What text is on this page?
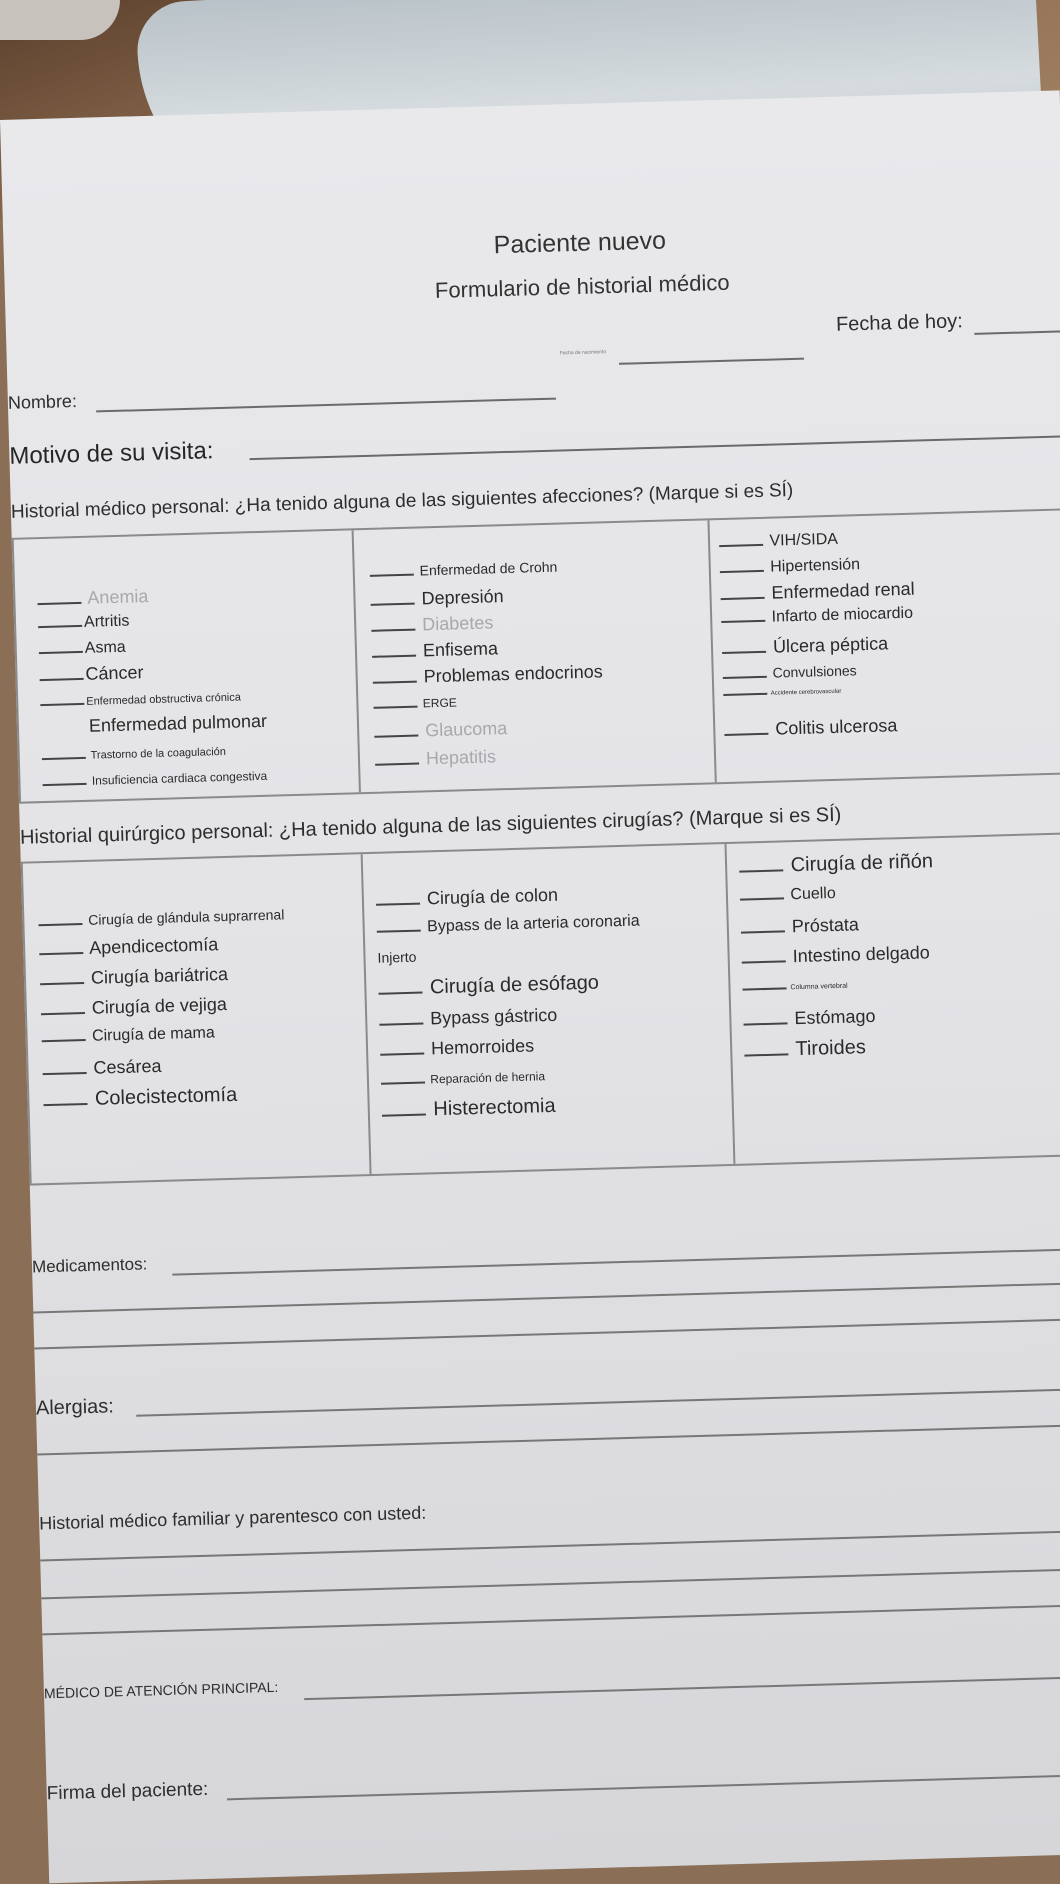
Paciente nuevo
Formulario de historial médico
Fecha de hoy:
Fecha de nacimiento
Nombre:
Motivo de su visita:
Historial médico personal: ¿Ha tenido alguna de las siguientes afecciones? (Marque si es SÍ)
Anemia
Artritis
Asma
Cáncer
Enfermedad obstructiva crónica
Enfermedad pulmonar
Trastorno de la coagulación
Insuficiencia cardiaca congestiva
Enfermedad de Crohn
Depresión
Diabetes
Enfisema
Problemas endocrinos
ERGE
Glaucoma
Hepatitis
VIH/SIDA
Hipertensión
Enfermedad renal
Infarto de miocardio
Úlcera péptica
Convulsiones
Accidente cerebrovascular
Colitis ulcerosa
Historial quirúrgico personal: ¿Ha tenido alguna de las siguientes cirugías? (Marque si es SÍ)
Cirugía de glándula suprarrenal
Apendicectomía
Cirugía bariátrica
Cirugía de vejiga
Cirugía de mama
Cesárea
Colecistectomía
Cirugía de colon
Bypass de la arteria coronaria
Injerto
Cirugía de esófago
Bypass gástrico
Hemorroides
Reparación de hernia
Histerectomia
Cirugía de riñón
Cuello
Próstata
Intestino delgado
Columna vertebral
Estómago
Tiroides
Medicamentos:
Alergias:
Historial médico familiar y parentesco con usted:
MÉDICO DE ATENCIÓN PRINCIPAL:
Firma del paciente:
